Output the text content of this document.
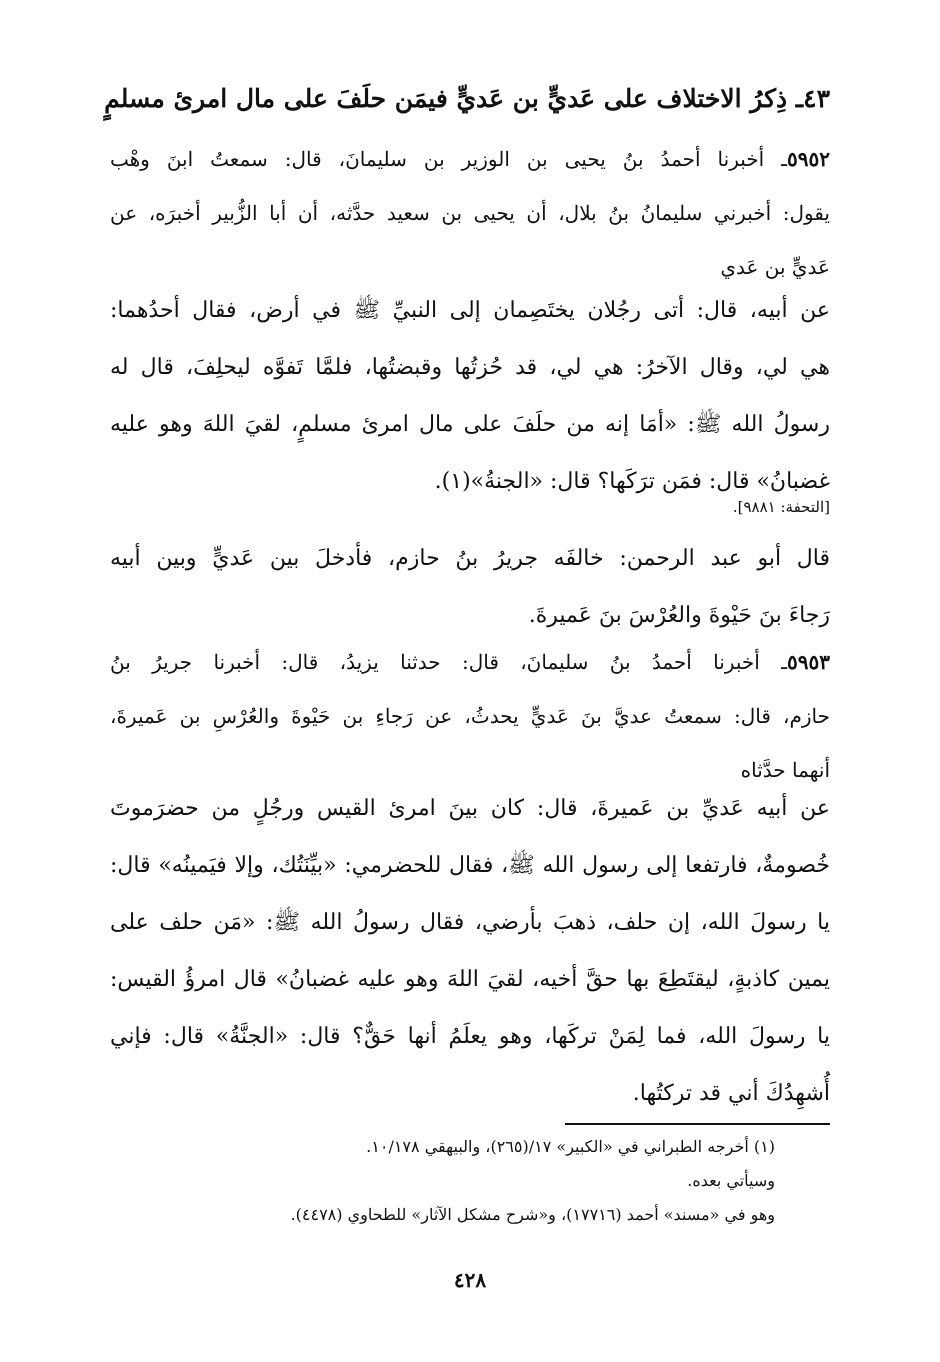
٤٣ـ ذِكرُ الاختلاف على عَديٍّ بن عَديٍّ فيمَن حلَفَ على مال امرئ مسلمٍ
٥٩٥٢ـ أخبرنا أحمدُ بنُ يحيى بن الوزير بن سليمانَ، قال: سمعتُ ابنَ وهْب
يقول: أخبرني سليمانُ بنُ بلال، أن يحيى بن سعيد حدَّثه، أن أبا الزُّبير أخبرَه، عن
عَديٍّ بن عَدي
عن أبيه، قال: أتى رجُلان يختَصِمان إلى النبيِّ ﷺ في أرض، فقال أحدُهما:
هي لي، وقال الآخرُ: هي لي، قد حُزتُها وقبضتُها، فلمَّا تَفوَّه ليحلِفَ، قال له
رسولُ الله ﷺ: «أمَا إنه من حلَفَ على مال امرئ مسلمٍ، لقيَ اللهَ وهو عليه
غضبانُ» قال: فمَن ترَكَها؟ قال: «الجنةُ»(١).
[التحفة: ٩٨٨١].
قال أبو عبد الرحمن: خالفَه جريرُ بنُ حازم، فأدخلَ بين عَديٍّ وبين أبيه
رَجاءَ بنَ حَيْوةَ والعُرْسَ بنَ عَميرةَ.
٥٩٥٣ـ أخبرنا أحمدُ بنُ سليمانَ، قال: حدثنا يزيدُ، قال: أخبرنا جريرُ بنُ
حازم، قال: سمعتُ عديَّ بنَ عَديٍّ يحدثُ، عن رَجاءِ بن حَيْوةَ والعُرْسِ بن عَميرةَ،
أنهما حدَّثاه
عن أبيه عَديِّ بن عَميرةَ، قال: كان بينَ امرئ القيس ورجُلٍ من حضرَموتَ
خُصومةٌ، فارتفعا إلى رسول الله ﷺ، فقال للحضرمي: «بيِّنَتُك، وإلا فيَمينُه» قال:
يا رسولَ الله، إن حلف، ذهبَ بأرضي، فقال رسولُ الله ﷺ: «مَن حلف على
يمين كاذبةٍ، ليقتَطِعَ بها حقَّ أخيه، لقيَ اللهَ وهو عليه غضبانُ» قال امرؤُ القيس:
يا رسولَ الله، فما لِمَنْ تركَها، وهو يعلَمُ أنها حَقٌّ؟ قال: «الجنَّةُ» قال: فإني
أُشهِدُكَ أني قد تركتُها.
(١) أخرجه الطبراني في «الكبير» ١٧/(٢٦٥)، والبيهقي ١٠/١٧٨.
وسيأتي بعده.
وهو في «مسند» أحمد (١٧٧١٦)، و«شرح مشكل الآثار» للطحاوي (٤٤٧٨).
٤٢٨
